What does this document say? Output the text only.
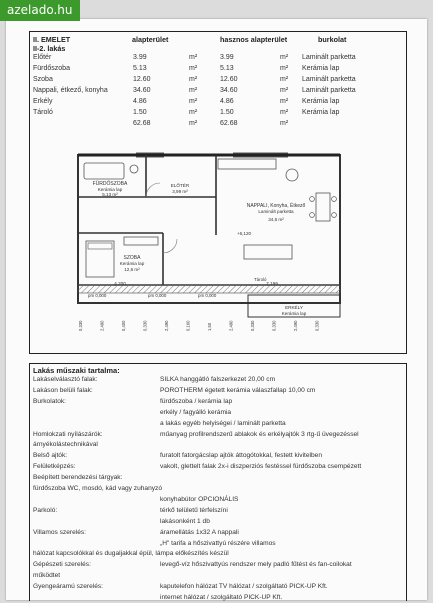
azelado.hu
II. EMELET	alapterület	hasznos alapterület	burkolat
II-2. lakás
Előtér	3.99	m²	3.99	m² Laminált parketta
Fürdőszoba	5.13	m²	5.13	m² Kerámia lap
Szoba	12.60	m²	12.60	m² Laminált parketta
Nappali, étkező, konyha	34.60	m²	34.60	m² Laminált parketta
Erkély	4.86	m²	4.86	m² Kerámia lap
Tároló	1.50	m²	1.50	m² Kerámia lap
62.68	m²	62.68	m²
FÜRDŐSZOBA
Kerámia lap
5,13 m²
ELŐTÉR
3,99 m²
SZOBA
Kerámia lap
12,6 m²
NAPPALI, Konyha, Étkező
Laminált parketta
34,6 m²
ERKÉLY
Kerámia lap
Tároló
4.200	7.199
+6,120
pm 0,000	pm 0,000	pm 0,000
0,330	2,490	0,400	0,330	2,490	0,160	1,50	2,490	0,330	0,330	2,490	0,330
Lakás műszaki tartalma:
Lakáselválasztó falak:	SILKA hanggátló falszerkezet 20,00 cm
Lakáson belüli falak:	POROTHERM égetett kerámia válaszfallap 10,00 cm
Burkolatok:	fürdőszoba / kerámia lap
erkély / fagyálló kerámia
a lakás egyéb helyiségei / laminált parketta
Homlokzati nyílászárók:	műanyag profilrendszerű ablakok és erkélyajtók 3 rtg-ű üvegezéssel
árnyékolástechnikával
Belső ajtók:	furatolt fatorgácslap ajtók áttogótokkal, festett kivitelben
Felületképzés:	vakolt, glettelt falak 2x-i diszperziós festéssel fürdőszoba csempézett
Beépített berendezési tárgyak:
fürdőszoba WC, mosdó, kád vagy zuhanyzó
konyhabútor OPCIONÁLIS
Parkoló:	térkő telületű térfelszíni
lakásonként 1 db
Villamos szerelés:	áramellátás 1x32 A nappali
„H" tarifa a hőszivattyú részére villamos
hálózat kapcsolókkal és dugaljakkal épül, lámpa előkészítés készül
Gépészeti szerelés:	levegő-víz hőszivattyús rendszer mely padló fűtést és fan-coilokat
működtet
Gyengeáramú szerelés:	kaputelefon hálózat TV hálózat / szolgáltató PICK-UP Kft.
internet hálózat / szolgáltató PICK-UP Kft.
